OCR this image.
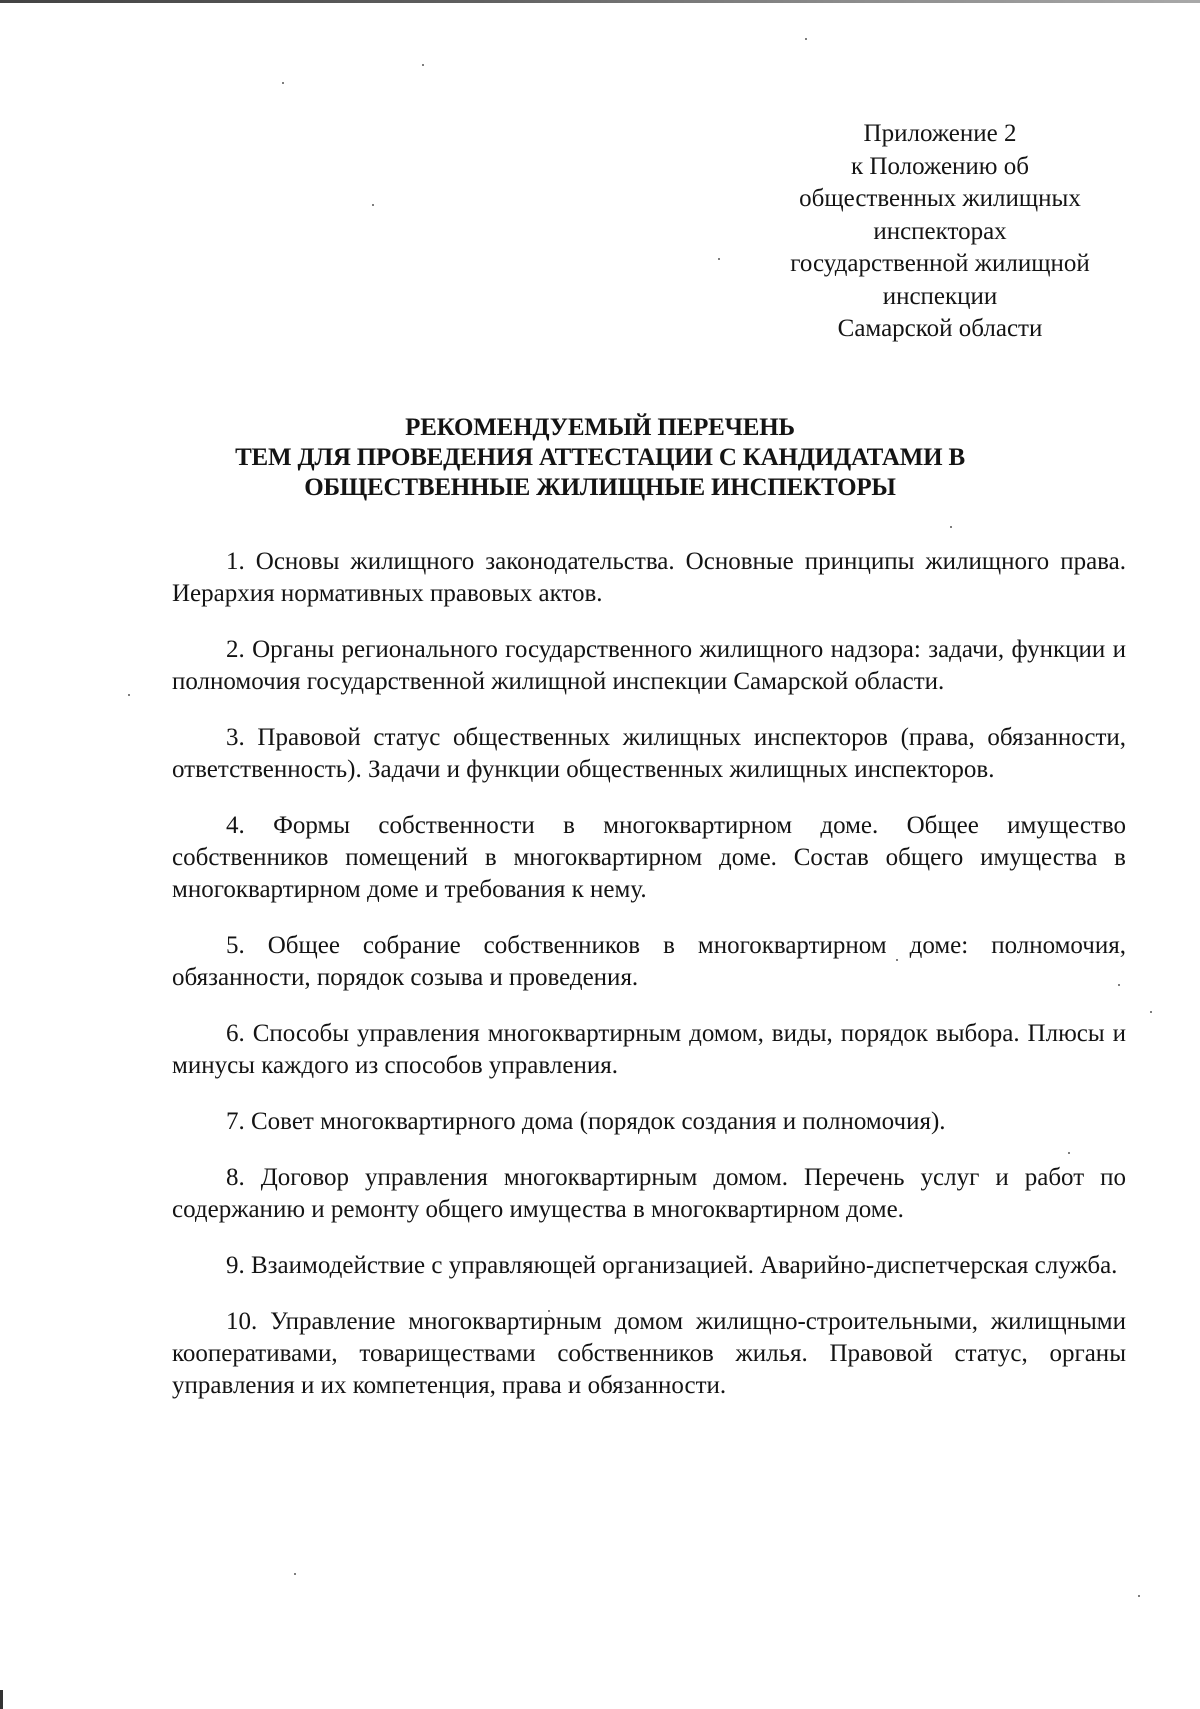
Приложение 2
к Положению об
общественных жилищных
инспекторах
государственной жилищной
инспекции
Самарской области
РЕКОМЕНДУЕМЫЙ ПЕРЕЧЕНЬ
ТЕМ ДЛЯ ПРОВЕДЕНИЯ АТТЕСТАЦИИ С КАНДИДАТАМИ В
ОБЩЕСТВЕННЫЕ ЖИЛИЩНЫЕ ИНСПЕКТОРЫ

1. Основы жилищного законодательства. Основные принципы жилищного права. Иерархия нормативных правовых актов.

2. Органы регионального государственного жилищного надзора: задачи, функции и полномочия государственной жилищной инспекции Самарской области.

3. Правовой статус общественных жилищных инспекторов (права, обязанности, ответственность). Задачи и функции общественных жилищных инспекторов.

4. Формы собственности в многоквартирном доме. Общее имущество собственников помещений в многоквартирном доме. Состав общего имущества в многоквартирном доме и требования к нему.

5. Общее собрание собственников в многоквартирном доме: полномочия, обязанности, порядок созыва и проведения.

6. Способы управления многоквартирным домом, виды, порядок выбора. Плюсы и минусы каждого из способов управления.

7. Совет многоквартирного дома (порядок создания и полномочия).

8. Договор управления многоквартирным домом. Перечень услуг и работ по содержанию и ремонту общего имущества в многоквартирном доме.

9. Взаимодействие с управляющей организацией. Аварийно-диспетчерская служба.

10. Управление многоквартирным домом жилищно-строительными, жилищными кооперативами, товариществами собственников жилья. Правовой статус, органы управления и их компетенция, права и обязанности.
